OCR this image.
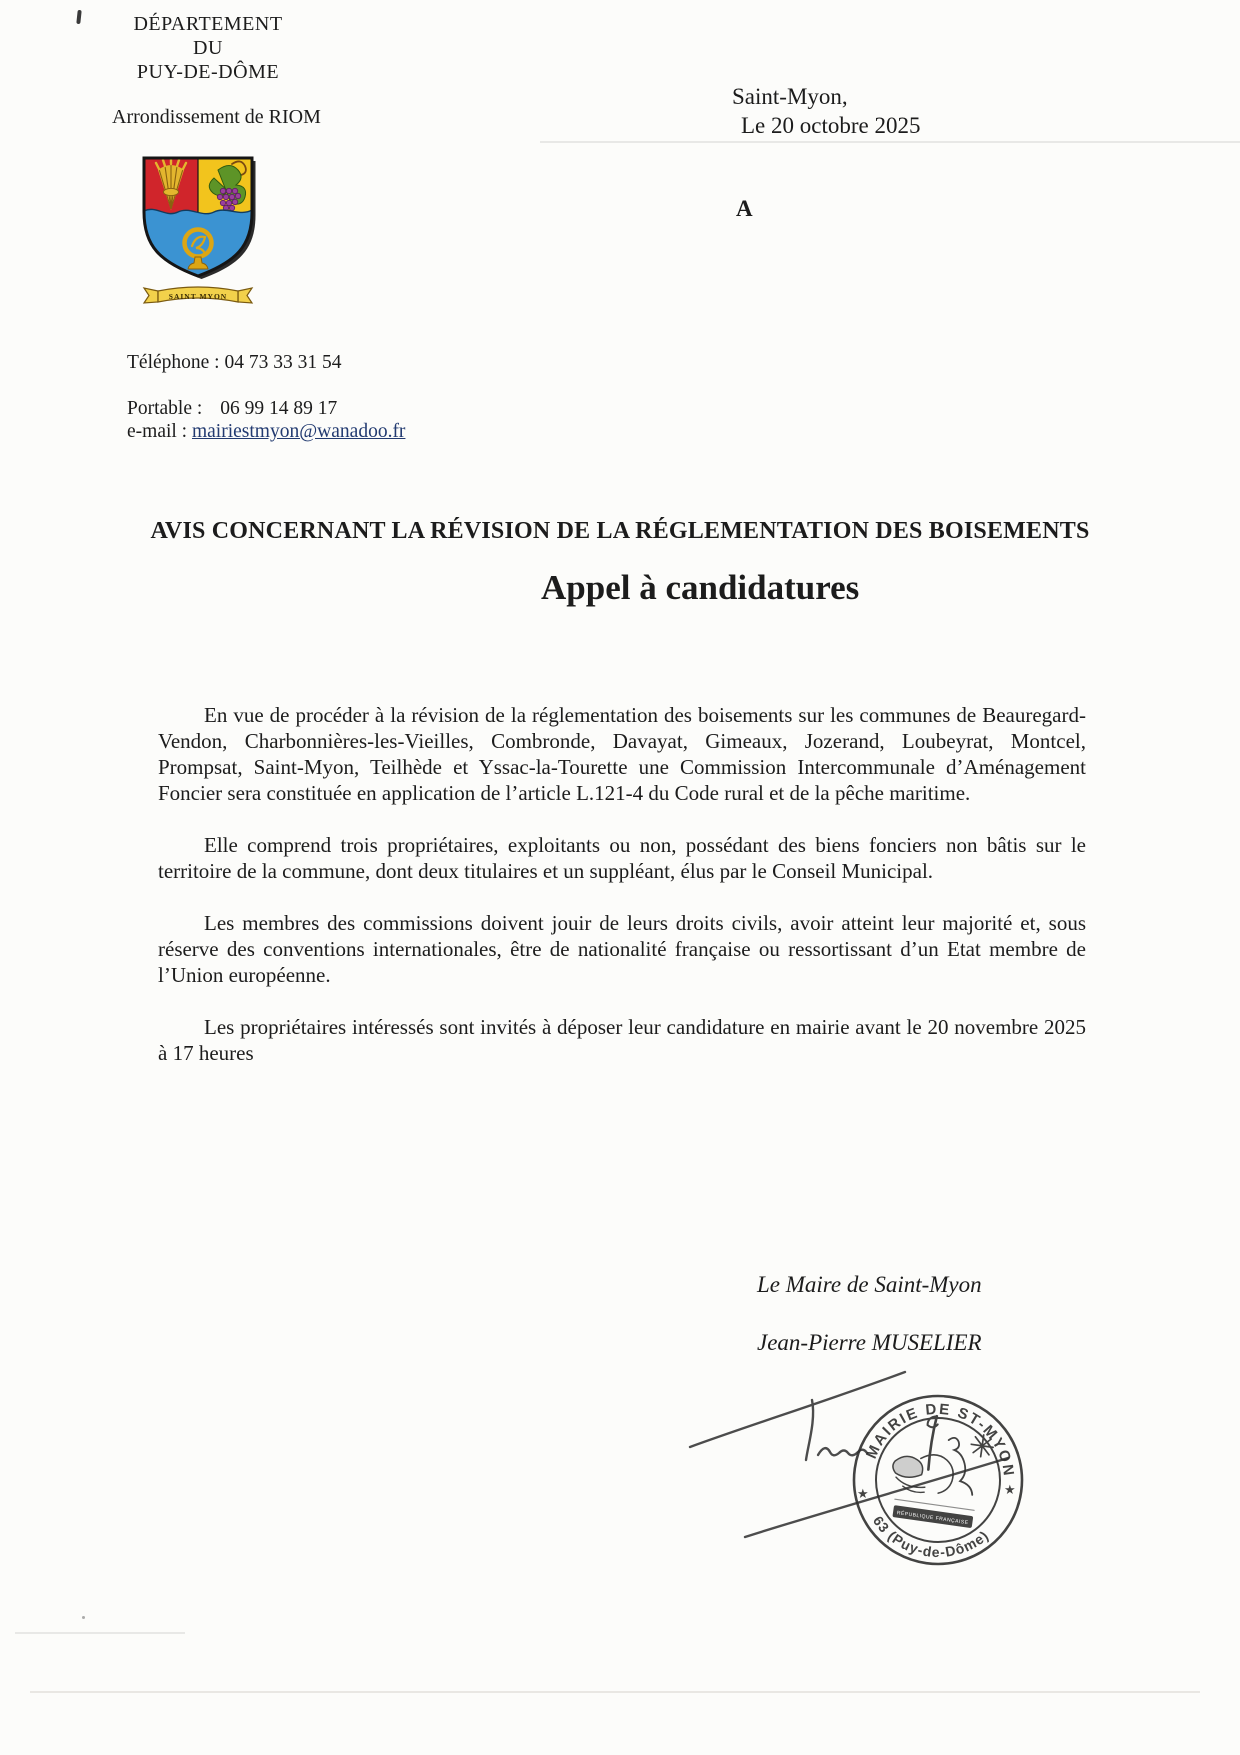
DÉPARTEMENT
DU
PUY-DE-DÔME
Arrondissement de RIOM
SAINT MYON
Téléphone : 04 73 33 31 54
Portable : 06 99 14 89 17
e-mail : mairiestmyon@wanadoo.fr
Saint-Myon,
Le 20 octobre 2025
A
AVIS CONCERNANT LA RÉVISION DE LA RÉGLEMENTATION DES BOISEMENTS
Appel à candidatures

En vue de procéder à la révision de la réglementation des boisements sur les communes de Beauregard-Vendon, Charbonnières-les-Vieilles, Combronde, Davayat, Gimeaux, Jozerand, Loubeyrat, Montcel, Prompsat, Saint-Myon, Teilhède et Yssac-la-Tourette une Commission Intercommunale d’Aménagement Foncier sera constituée en application de l’article L.121-4 du Code rural et de la pêche maritime.

Elle comprend trois propriétaires, exploitants ou non, possédant des biens fonciers non bâtis sur le territoire de la commune, dont deux titulaires et un suppléant, élus par le Conseil Municipal.

Les membres des commissions doivent jouir de leurs droits civils, avoir atteint leur majorité et, sous réserve des conventions internationales, être de nationalité française ou ressortissant d’un Etat membre de l’Union européenne.

Les propriétaires intéressés sont invités à déposer leur candidature en mairie avant le 20 novembre 2025 à 17 heures

Le Maire de Saint-Myon
Jean-Pierre MUSELIER
MAIRIE DE ST-MYON
63 (Puy-de-Dôme)
RÉPUBLIQUE FRANÇAISE
★	★
